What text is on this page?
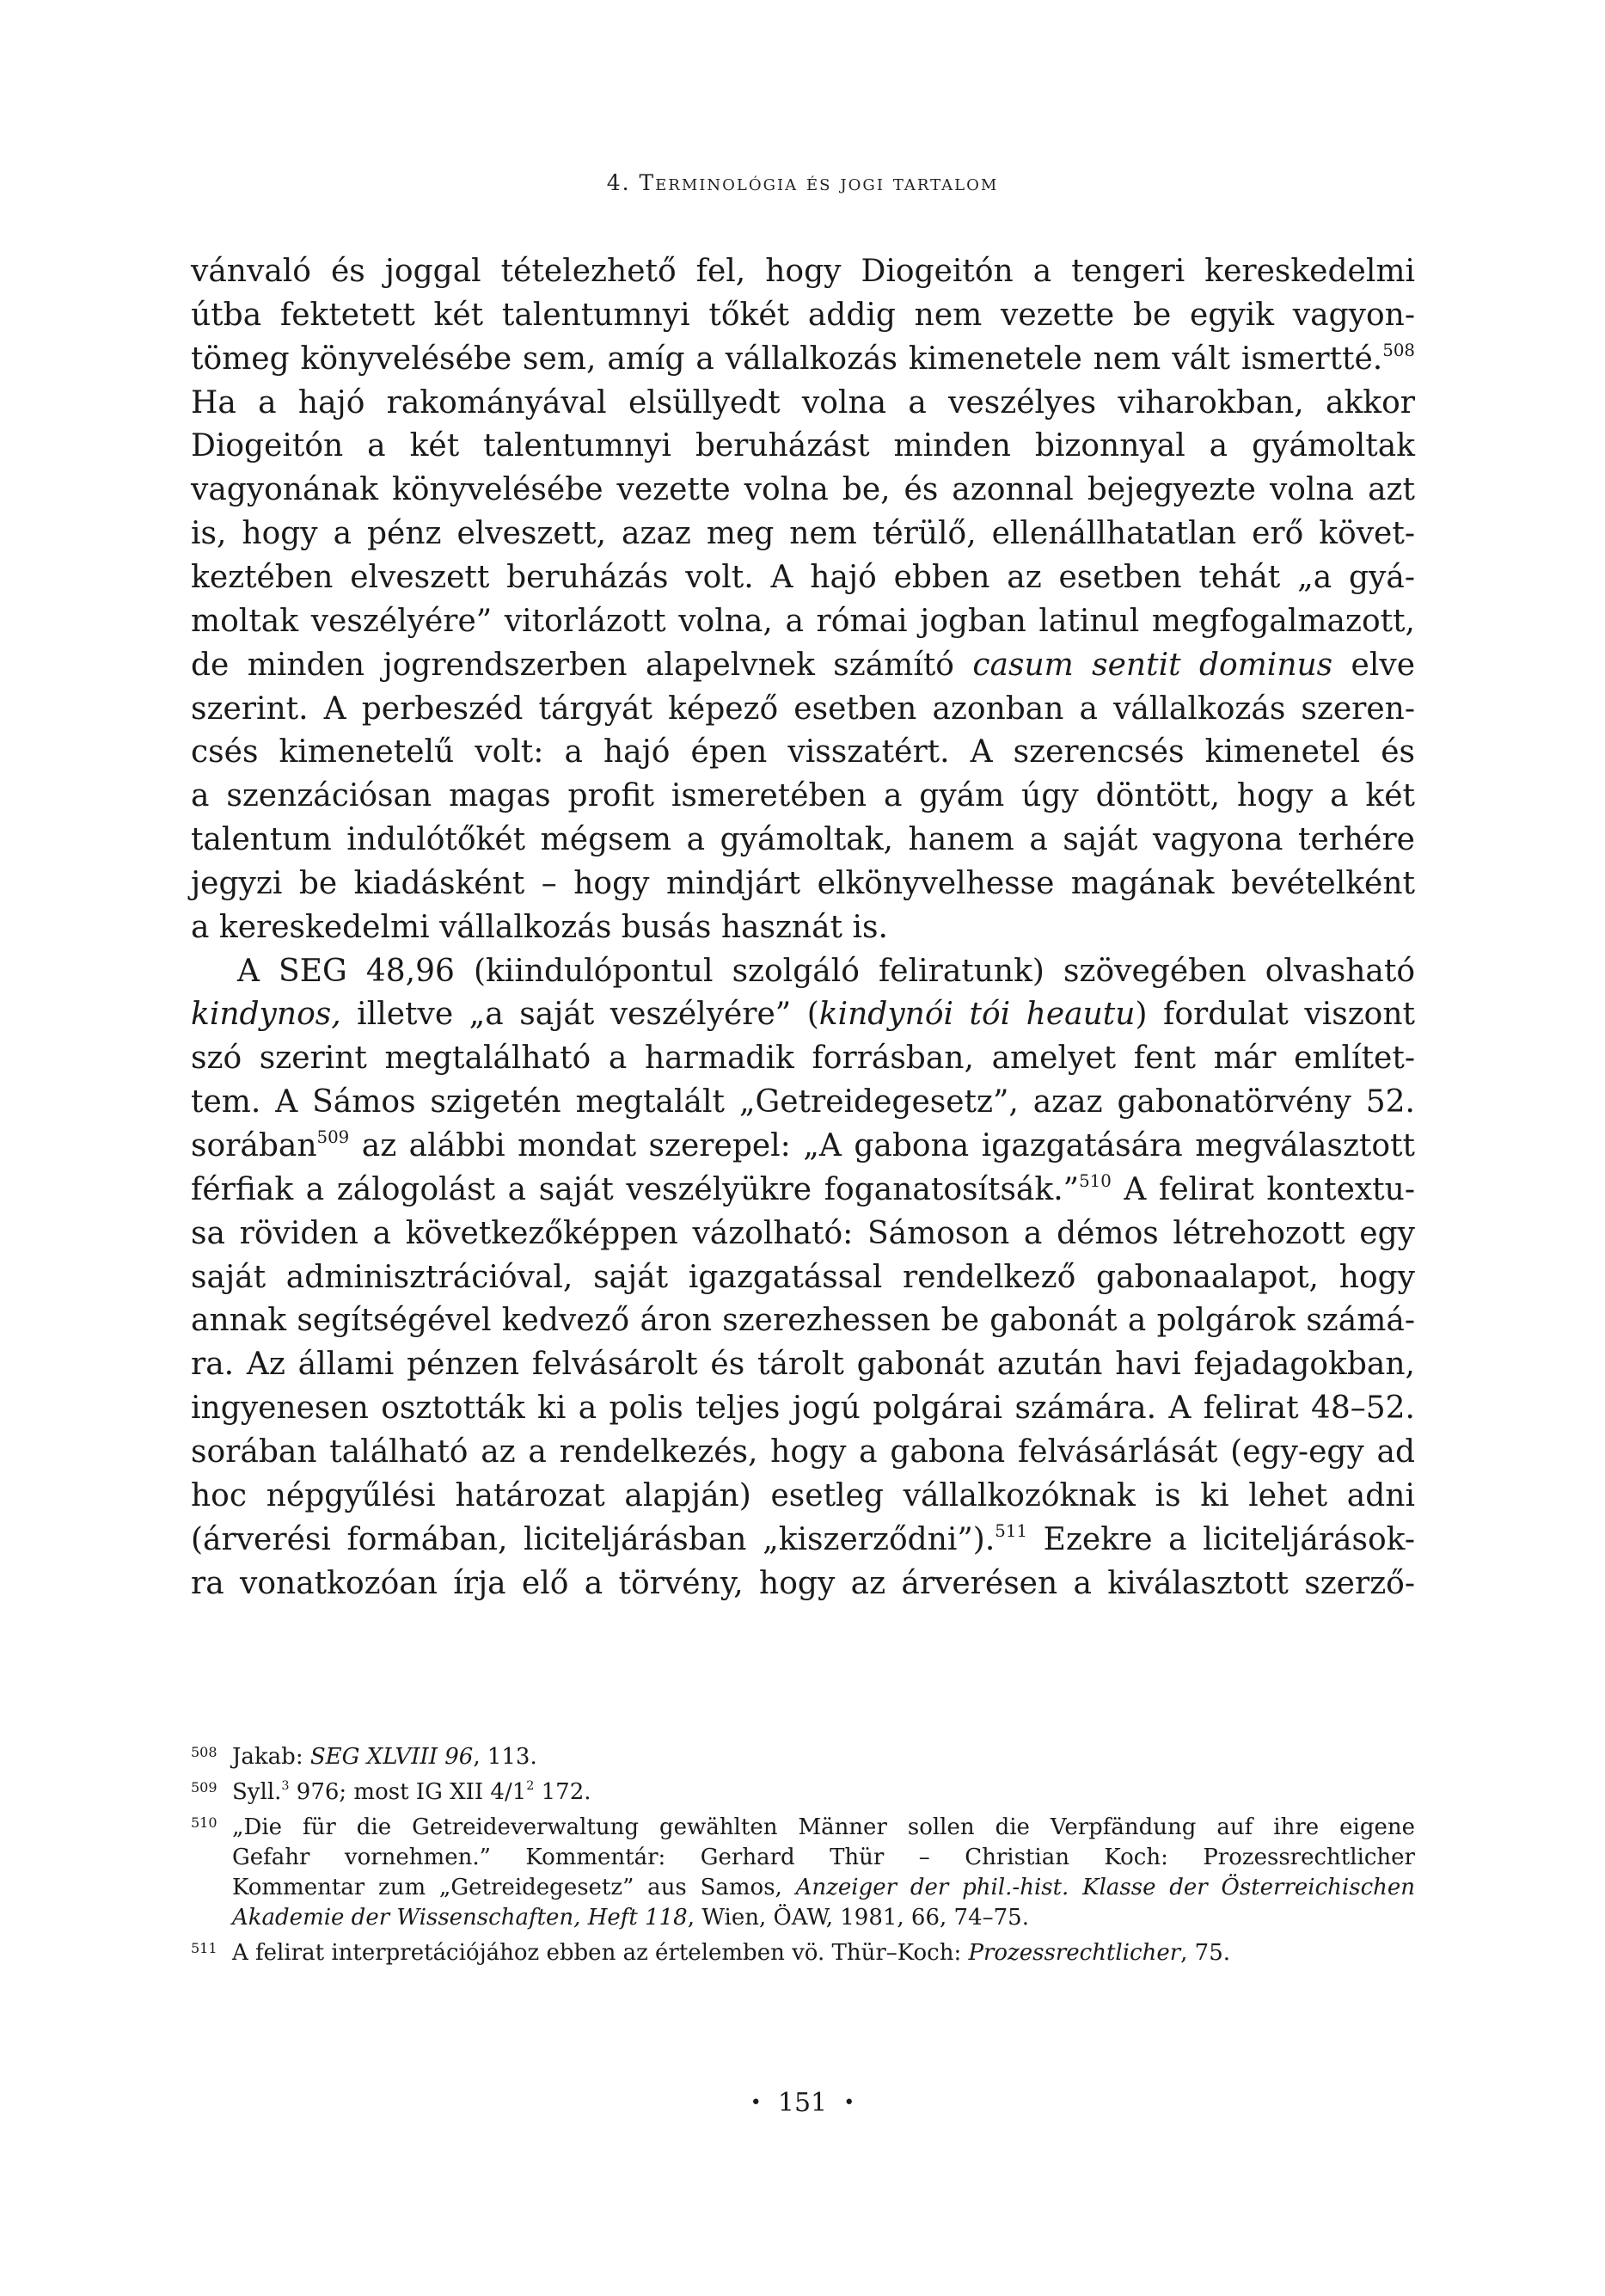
4. Terminológia és jogi tartalom
vánvaló és joggal tételezhető fel, hogy Diogeitón a tengeri kereskedelmi
útba fektetett két talentumnyi tőkét addig nem vezette be egyik vagyon-
tömeg könyvelésébe sem, amíg a vállalkozás kimenetele nem vált ismertté.$^{508}$
Ha a hajó rakományával elsüllyedt volna a veszélyes viharokban, akkor
Diogeitón a két talentumnyi beruházást minden bizonnyal a gyámoltak
vagyonának könyvelésébe vezette volna be, és azonnal bejegyezte volna azt
is, hogy a pénz elveszett, azaz meg nem térülő, ellenállhatatlan erő követ-
keztében elveszett beruházás volt. A hajó ebben az esetben tehát „a gyá-
moltak veszélyére” vitorlázott volna, a római jogban latinul megfogalmazott,
de minden jogrendszerben alapelvnek számító casum sentit dominus elve
szerint. A perbeszéd tárgyát képező esetben azonban a vállalkozás szeren-
csés kimenetelű volt: a hajó épen visszatért. A szerencsés kimenetel és
a szenzációsan magas profit ismeretében a gyám úgy döntött, hogy a két
talentum indulótőkét mégsem a gyámoltak, hanem a saját vagyona terhére
jegyzi be kiadásként – hogy mindjárt elkönyvelhesse magának bevételként
a kereskedelmi vállalkozás busás hasznát is.
A SEG 48,96 (kiindulópontul szolgáló feliratunk) szövegében olvasható
kindynos, illetve „a saját veszélyére” (kindynói tói heautu) fordulat viszont
szó szerint megtalálható a harmadik forrásban, amelyet fent már említet-
tem. A Sámos szigetén megtalált „Getreidegesetz”, azaz gabonatörvény 52.
sorában$^{509}$ az alábbi mondat szerepel: „A gabona igazgatására megválasztott
férfiak a zálogolást a saját veszélyükre foganatosítsák.”$^{510}$ A felirat kontextu-
sa röviden a következőképpen vázolható: Sámoson a démos létrehozott egy
saját adminisztrációval, saját igazgatással rendelkező gabonaalapot, hogy
annak segítségével kedvező áron szerezhessen be gabonát a polgárok számá-
ra. Az állami pénzen felvásárolt és tárolt gabonát azután havi fejadagokban,
ingyenesen osztották ki a polis teljes jogú polgárai számára. A felirat 48–52.
sorában található az a rendelkezés, hogy a gabona felvásárlását (egy-egy ad
hoc népgyűlési határozat alapján) esetleg vállalkozóknak is ki lehet adni
(árverési formában, liciteljárásban „kiszerződni”).$^{511}$ Ezekre a liciteljárások-
ra vonatkozóan írja elő a törvény, hogy az árverésen a kiválasztott szerző-
508 Jakab: SEG XLVIII 96, 113.
509 Syll.$^3$ 976; most IG XII $4/1^2$ 172.
510 „Die für die Getreideverwaltung gewählten Männer sollen die Verpfändung auf ihre eigene
Gefahr vornehmen.” Kommentár: Gerhard Thür – Christian Koch: Prozessrechtlicher
Kommentar zum „Getreidegesetz” aus Samos, Anzeiger der phil.-hist. Klasse der Österreichischen
Akademie der Wissenschaften, Heft 118, Wien, ÖAW, 1981, 66, 74–75.
511 A felirat interpretációjához ebben az értelemben vö. Thür–Koch: Prozessrechtlicher, 75.
• 151 •
